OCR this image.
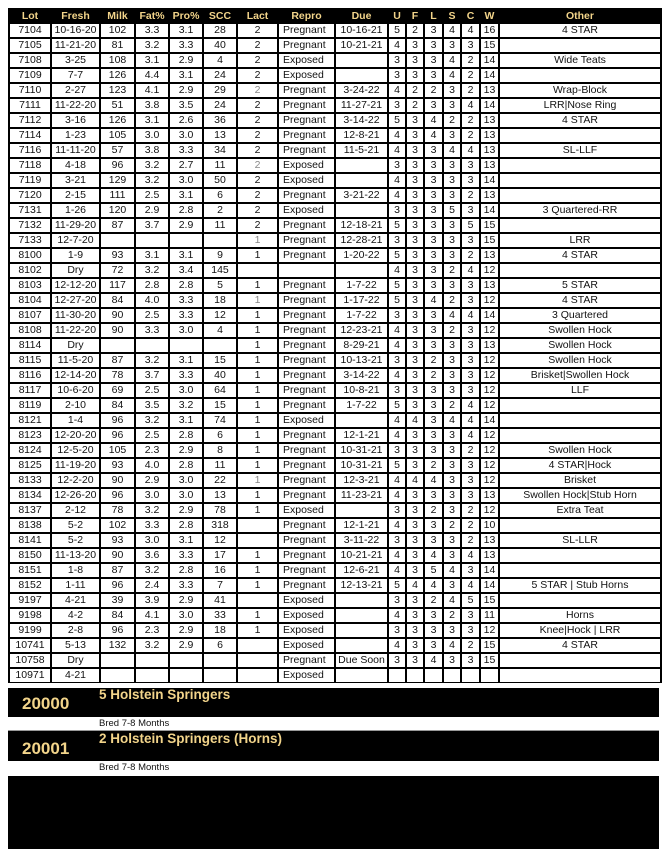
Lot	Fresh	Milk	Fat%	Pro%	SCC	Lact	Repro	Due	U	F	L	S	C	W	Other
7104	10-16-20	102	3.3	3.1	28	2	Pregnant	10-16-21	5	2	3	4	4	16	4 STAR
7105	11-21-20	81	3.2	3.3	40	2	Pregnant	10-21-21	4	3	3	3	3	15	
7108	3-25	108	3.1	2.9	4	2	Exposed		3	3	3	4	2	14	Wide Teats
7109	7-7	126	4.4	3.1	24	2	Exposed		3	3	3	4	2	14	
7110	2-27	123	4.1	2.9	29	2	Pregnant	3-24-22	4	2	2	3	2	13	Wrap-Block
7111	11-22-20	51	3.8	3.5	24	2	Pregnant	11-27-21	3	2	3	3	4	14	LRR|Nose Ring
7112	3-16	126	3.1	2.6	36	2	Pregnant	3-14-22	5	3	4	2	2	13	4 STAR
7114	1-23	105	3.0	3.0	13	2	Pregnant	12-8-21	4	3	4	3	2	13	
7116	11-11-20	57	3.8	3.3	34	2	Pregnant	11-5-21	4	3	3	4	4	13	SL-LLF
7118	4-18	96	3.2	2.7	11	2	Exposed		3	3	3	3	3	13	
7119	3-21	129	3.2	3.0	50	2	Exposed		4	3	3	3	3	14	
7120	2-15	111	2.5	3.1	6	2	Pregnant	3-21-22	4	3	3	3	2	13	
7131	1-26	120	2.9	2.8	2	2	Exposed		3	3	3	5	3	14	3 Quartered-RR
7132	11-29-20	87	3.7	2.9	11	2	Pregnant	12-18-21	5	3	3	3	5	15	
7133	12-7-20					1	Pregnant	12-28-21	3	3	3	3	3	15	LRR
8100	1-9	93	3.1	3.1	9	1	Pregnant	1-20-22	5	3	3	3	2	13	4 STAR
8102	Dry	72	3.2	3.4	145				4	3	3	2	4	12	
8103	12-12-20	117	2.8	2.8	5	1	Pregnant	1-7-22	5	3	3	3	3	13	5 STAR
8104	12-27-20	84	4.0	3.3	18	1	Pregnant	1-17-22	5	3	4	2	3	12	4 STAR
8107	11-30-20	90	2.5	3.3	12	1	Pregnant	1-7-22	3	3	3	4	4	14	3 Quartered
8108	11-22-20	90	3.3	3.0	4	1	Pregnant	12-23-21	4	3	3	2	3	12	Swollen Hock
8114	Dry					1	Pregnant	8-29-21	4	3	3	3	3	13	Swollen Hock
8115	11-5-20	87	3.2	3.1	15	1	Pregnant	10-13-21	3	3	2	3	3	12	Swollen Hock
8116	12-14-20	78	3.7	3.3	40	1	Pregnant	3-14-22	4	3	2	3	3	12	Brisket|Swollen Hock
8117	10-6-20	69	2.5	3.0	64	1	Pregnant	10-8-21	3	3	3	3	3	12	LLF
8119	2-10	84	3.5	3.2	15	1	Pregnant	1-7-22	5	3	3	2	4	12	
8121	1-4	96	3.2	3.1	74	1	Exposed		4	4	3	4	4	14	
8123	12-20-20	96	2.5	2.8	6	1	Pregnant	12-1-21	4	3	3	3	4	12	
8124	12-5-20	105	2.3	2.9	8	1	Pregnant	10-31-21	3	3	3	3	2	12	Swollen Hock
8125	11-19-20	93	4.0	2.8	11	1	Pregnant	10-31-21	5	3	2	3	3	12	4 STAR|Hock
8133	12-2-20	90	2.9	3.0	22	1	Pregnant	12-3-21	4	4	4	3	3	12	Brisket
8134	12-26-20	96	3.0	3.0	13	1	Pregnant	11-23-21	4	3	3	3	3	13	Swollen Hock|Stub Horn
8137	2-12	78	3.2	2.9	78	1	Exposed		3	3	2	3	2	12	Extra Teat
8138	5-2	102	3.3	2.8	318		Pregnant	12-1-21	4	3	3	2	2	10	
8141	5-2	93	3.0	3.1	12		Pregnant	3-11-22	3	3	3	3	2	13	SL-LLR
8150	11-13-20	90	3.6	3.3	17	1	Pregnant	10-21-21	4	3	4	3	4	13	
8151	1-8	87	3.2	2.8	16	1	Pregnant	12-6-21	4	3	5	4	3	14	
8152	1-11	96	2.4	3.3	7	1	Pregnant	12-13-21	5	4	4	3	4	14	5 STAR | Stub Horns
9197	4-21	39	3.9	2.9	41		Exposed		3	3	2	4	5	15	
9198	4-2	84	4.1	3.0	33	1	Exposed		4	3	3	2	3	11	Horns
9199	2-8	96	2.3	2.9	18	1	Exposed		3	3	3	3	3	12	Knee|Hock | LRR
10741	5-13	132	3.2	2.9	6		Exposed		4	3	3	4	2	15	4 STAR
10758	Dry						Pregnant	Due Soon	3	3	4	3	3	15	
10971	4-21						Exposed								
20000 5 Holstein Springers
Bred 7-8 Months
20001
2 Holstein Springers (Horns)
Bred 7-8 Months
